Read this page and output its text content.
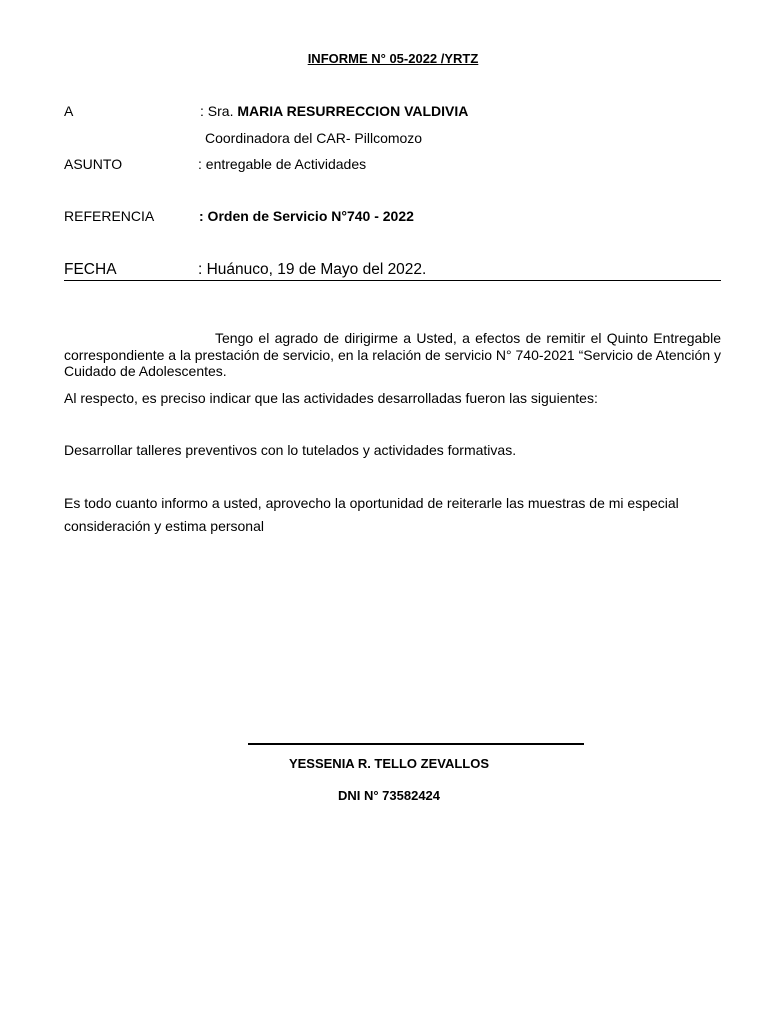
INFORME N° 05-2022 /YRTZ
A	: Sra. MARIA RESURRECCION VALDIVIA
Coordinadora del CAR- Pillcomozo
ASUNTO	: entregable de Actividades
REFERENCIA	: Orden de Servicio N°740 - 2022
FECHA	: Huánuco, 19 de Mayo del 2022.
Tengo el agrado de dirigirme a Usted, a efectos de remitir el Quinto Entregable correspondiente a la prestación de servicio, en la relación de servicio N° 740-2021 “Servicio de Atención y Cuidado de Adolescentes.
Al respecto, es preciso indicar que las actividades desarrolladas fueron las siguientes:
Desarrollar talleres preventivos con lo tutelados y actividades formativas.
Es todo cuanto informo a usted, aprovecho la oportunidad de reiterarle las muestras de mi especial consideración y estima personal
YESSENIA R. TELLO ZEVALLOS
DNI N° 73582424
